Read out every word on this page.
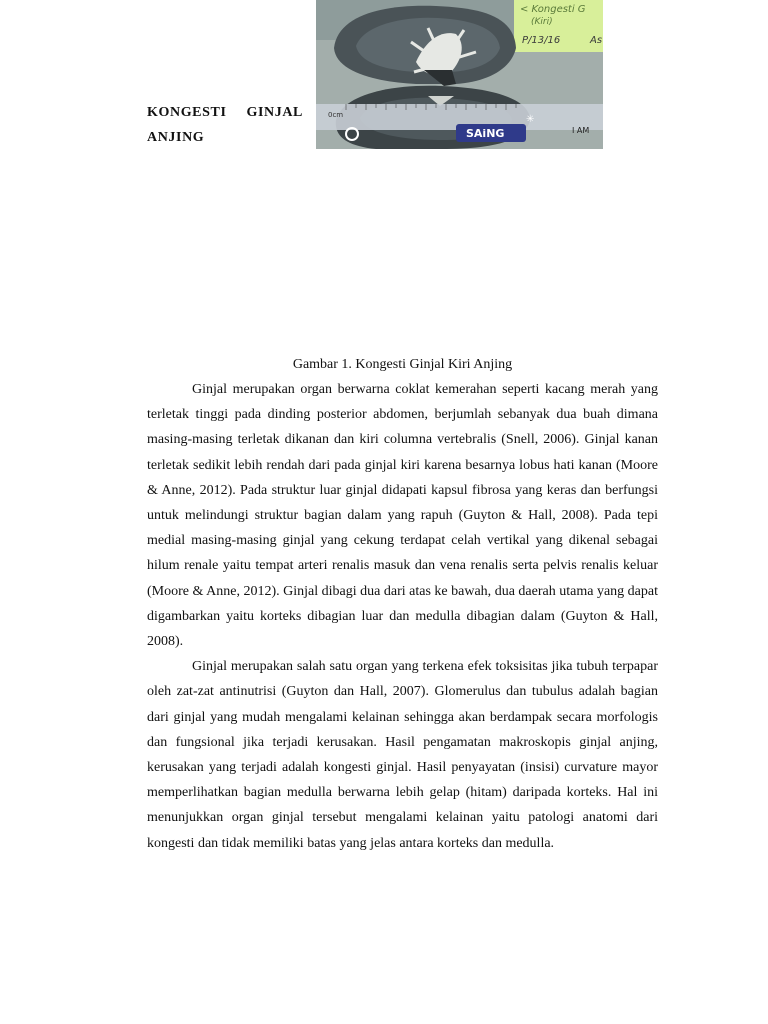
KONGESTI GINJAL
ANJING
< Kongesti G
(Kiri)
P/13/16	As
0cm
SAiNG	I AM
✳
Gambar 1. Kongesti Ginjal Kiri Anjing

Ginjal merupakan organ berwarna coklat kemerahan seperti kacang merah yang terletak tinggi pada dinding posterior abdomen, berjumlah sebanyak dua buah dimana masing-masing terletak dikanan dan kiri columna vertebralis (Snell, 2006). Ginjal kanan terletak sedikit lebih rendah dari pada ginjal kiri karena besarnya lobus hati kanan (Moore & Anne, 2012). Pada struktur luar ginjal didapati kapsul fibrosa yang keras dan berfungsi untuk melindungi struktur bagian dalam yang rapuh (Guyton & Hall, 2008). Pada tepi medial masing-masing ginjal yang cekung terdapat celah vertikal yang dikenal sebagai hilum renale yaitu tempat arteri renalis masuk dan vena renalis serta pelvis renalis keluar (Moore & Anne, 2012). Ginjal dibagi dua dari atas ke bawah, dua daerah utama yang dapat digambarkan yaitu korteks dibagian luar dan medulla dibagian dalam (Guyton & Hall, 2008).

Ginjal merupakan salah satu organ yang terkena efek toksisitas jika tubuh terpapar oleh zat-zat antinutrisi (Guyton dan Hall, 2007). Glomerulus dan tubulus adalah bagian dari ginjal yang mudah mengalami kelainan sehingga akan berdampak secara morfologis dan fungsional jika terjadi kerusakan. Hasil pengamatan makroskopis ginjal anjing, kerusakan yang terjadi adalah kongesti ginjal. Hasil penyayatan (insisi) curvature mayor memperlihatkan bagian medulla berwarna lebih gelap (hitam) daripada korteks. Hal ini menunjukkan organ ginjal tersebut mengalami kelainan yaitu patologi anatomi dari kongesti dan tidak memiliki batas yang jelas antara korteks dan medulla.
